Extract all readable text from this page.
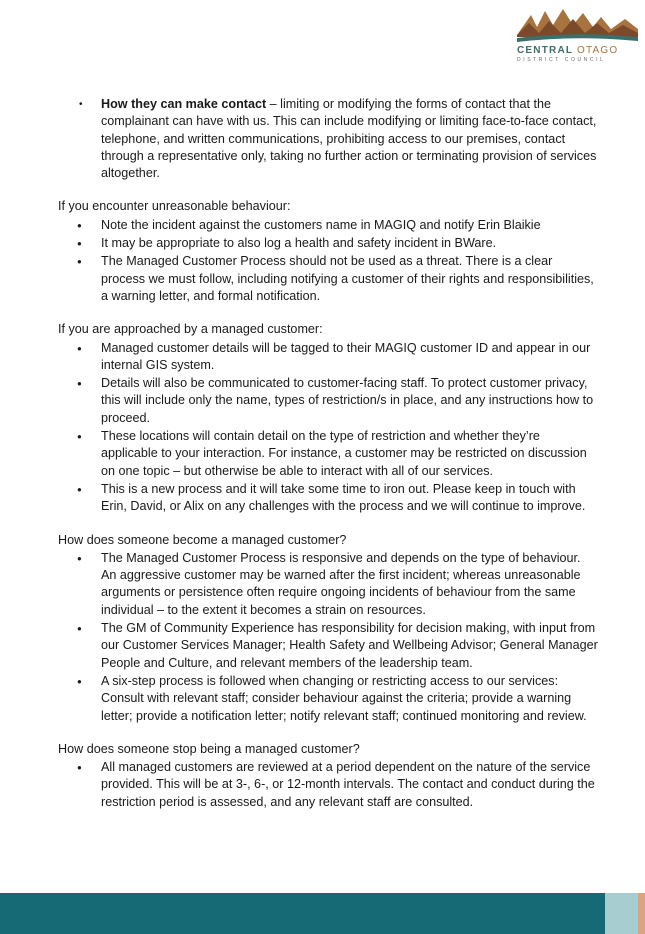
CENTRAL OTAGO
DISTRICT COUNCIL
• How they can make contact – limiting or modifying the forms of contact that the complainant can have with us. This can include modifying or limiting face-to-face contact, telephone, and written communications, prohibiting access to our premises, contact through a representative only, taking no further action or terminating provision of services altogether.

If you encounter unreasonable behaviour:

● Note the incident against the customers name in MAGIQ and notify Erin Blaikie
● It may be appropriate to also log a health and safety incident in BWare.
● The Managed Customer Process should not be used as a threat. There is a clear process we must follow, including notifying a customer of their rights and responsibilities, a warning letter, and formal notification.

If you are approached by a managed customer:

● Managed customer details will be tagged to their MAGIQ customer ID and appear in our internal GIS system.
● Details will also be communicated to customer-facing staff. To protect customer privacy, this will include only the name, types of restriction/s in place, and any instructions how to proceed.
● These locations will contain detail on the type of restriction and whether they’re applicable to your interaction. For instance, a customer may be restricted on discussion on one topic – but otherwise be able to interact with all of our services.
● This is a new process and it will take some time to iron out. Please keep in touch with Erin, David, or Alix on any challenges with the process and we will continue to improve.

How does someone become a managed customer?

● The Managed Customer Process is responsive and depends on the type of behaviour. An aggressive customer may be warned after the first incident; whereas unreasonable arguments or persistence often require ongoing incidents of behaviour from the same individual – to the extent it becomes a strain on resources.
● The GM of Community Experience has responsibility for decision making, with input from our Customer Services Manager; Health Safety and Wellbeing Advisor; General Manager People and Culture, and relevant members of the leadership team.
● A six-step process is followed when changing or restricting access to our services: Consult with relevant staff; consider behaviour against the criteria; provide a warning letter; provide a notification letter; notify relevant staff; continued monitoring and review.

How does someone stop being a managed customer?

● All managed customers are reviewed at a period dependent on the nature of the service provided. This will be at 3-, 6-, or 12-month intervals. The contact and conduct during the restriction period is assessed, and any relevant staff are consulted.
